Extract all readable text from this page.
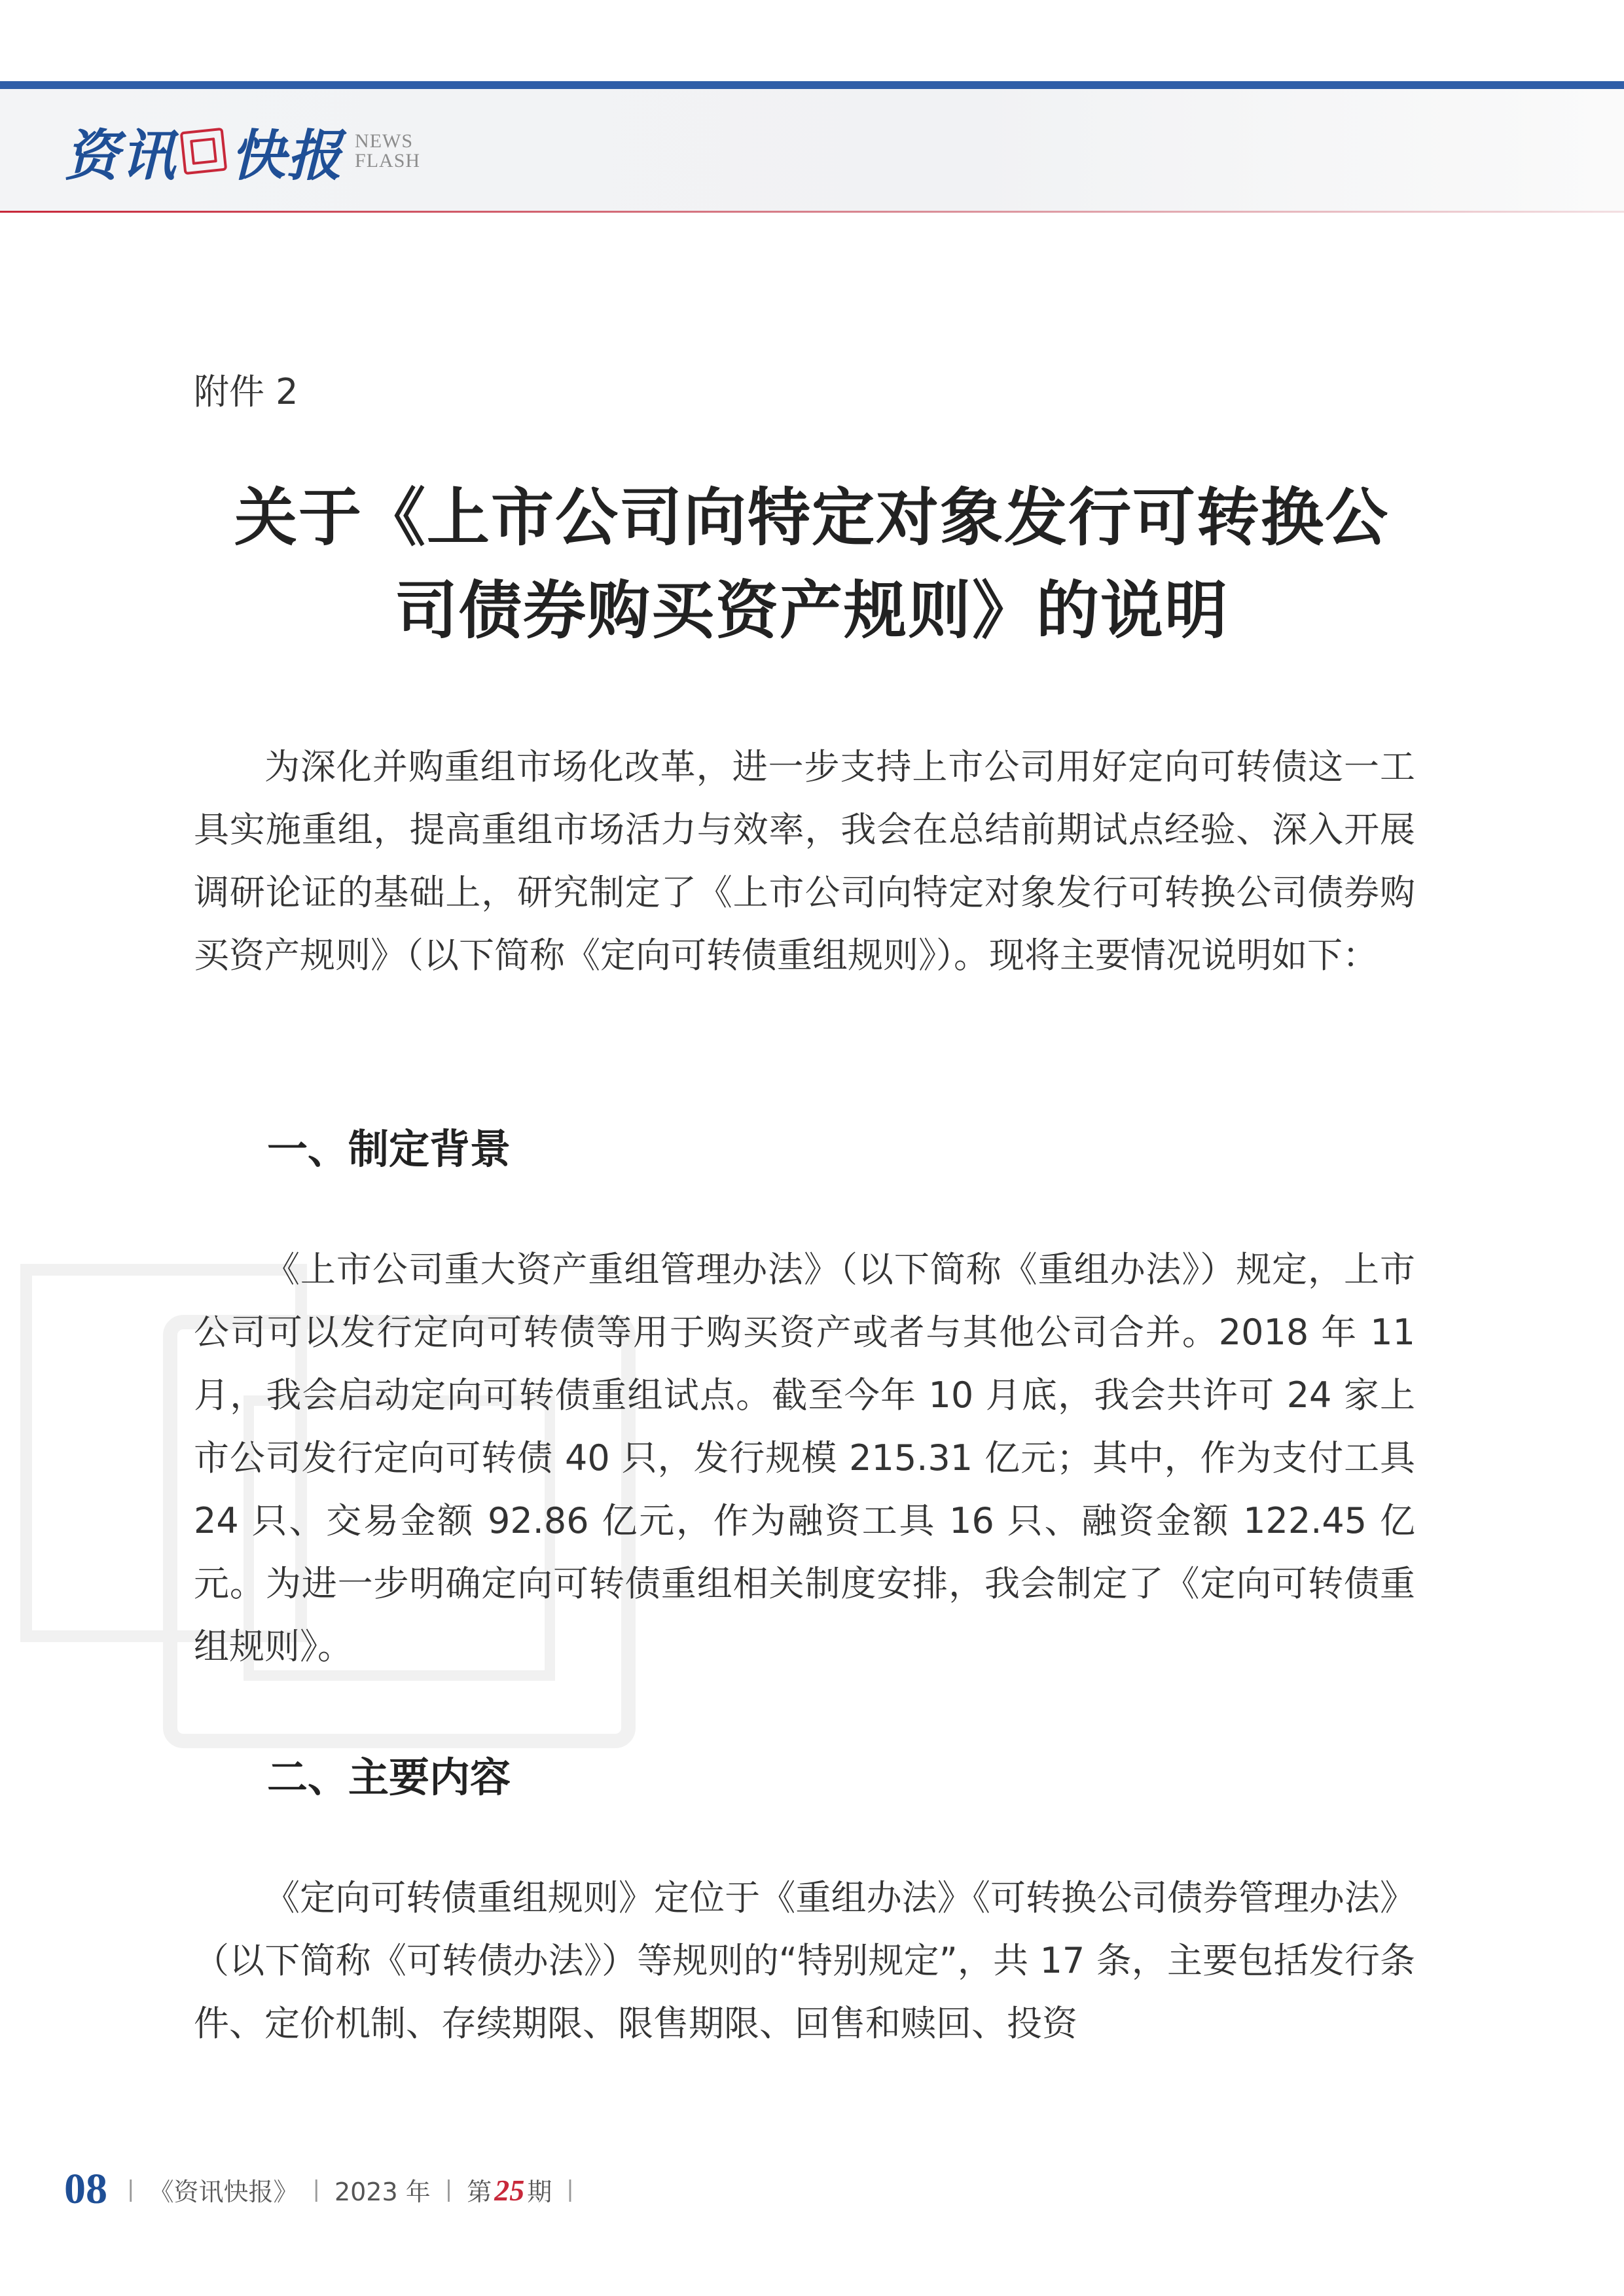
资讯 快报 NEWS
FLASH
附件 2
关于《上市公司向特定对象发行可转换公
司债券购买资产规则》的说明

为深化并购重组市场化改革，进一步支持上市公司用好定向可转债这一工具实施重组，提高重组市场活力与效率，我会在总结前期试点经验、深入开展调研论证的基础上，研究制定了《上市公司向特定对象发行可转换公司债券购买资产规则》（以下简称《定向可转债重组规则》）。现将主要情况说明如下：

一、制定背景

《上市公司重大资产重组管理办法》（以下简称《重组办法》）规定，上市公司可以发行定向可转债等用于购买资产或者与其他公司合并。2018 年 11 月，我会启动定向可转债重组试点。截至今年 10 月底，我会共许可 24 家上市公司发行定向可转债 40 只，发行规模 215.31 亿元；其中，作为支付工具 24 只、交易金额 92.86 亿元，作为融资工具 16 只、融资金额 122.45 亿元。为进一步明确定向可转债重组相关制度安排，我会制定了《定向可转债重组规则》。

二、主要内容

《定向可转债重组规则》定位于《重组办法》《可转换公司债券管理办法》（以下简称《可转债办法》）等规则的“特别规定”，共 17 条，主要包括发行条件、定价机制、存续期限、限售期限、回售和赎回、投资

08 | 《资讯快报》 | 2023 年 | 第 25 期 |
